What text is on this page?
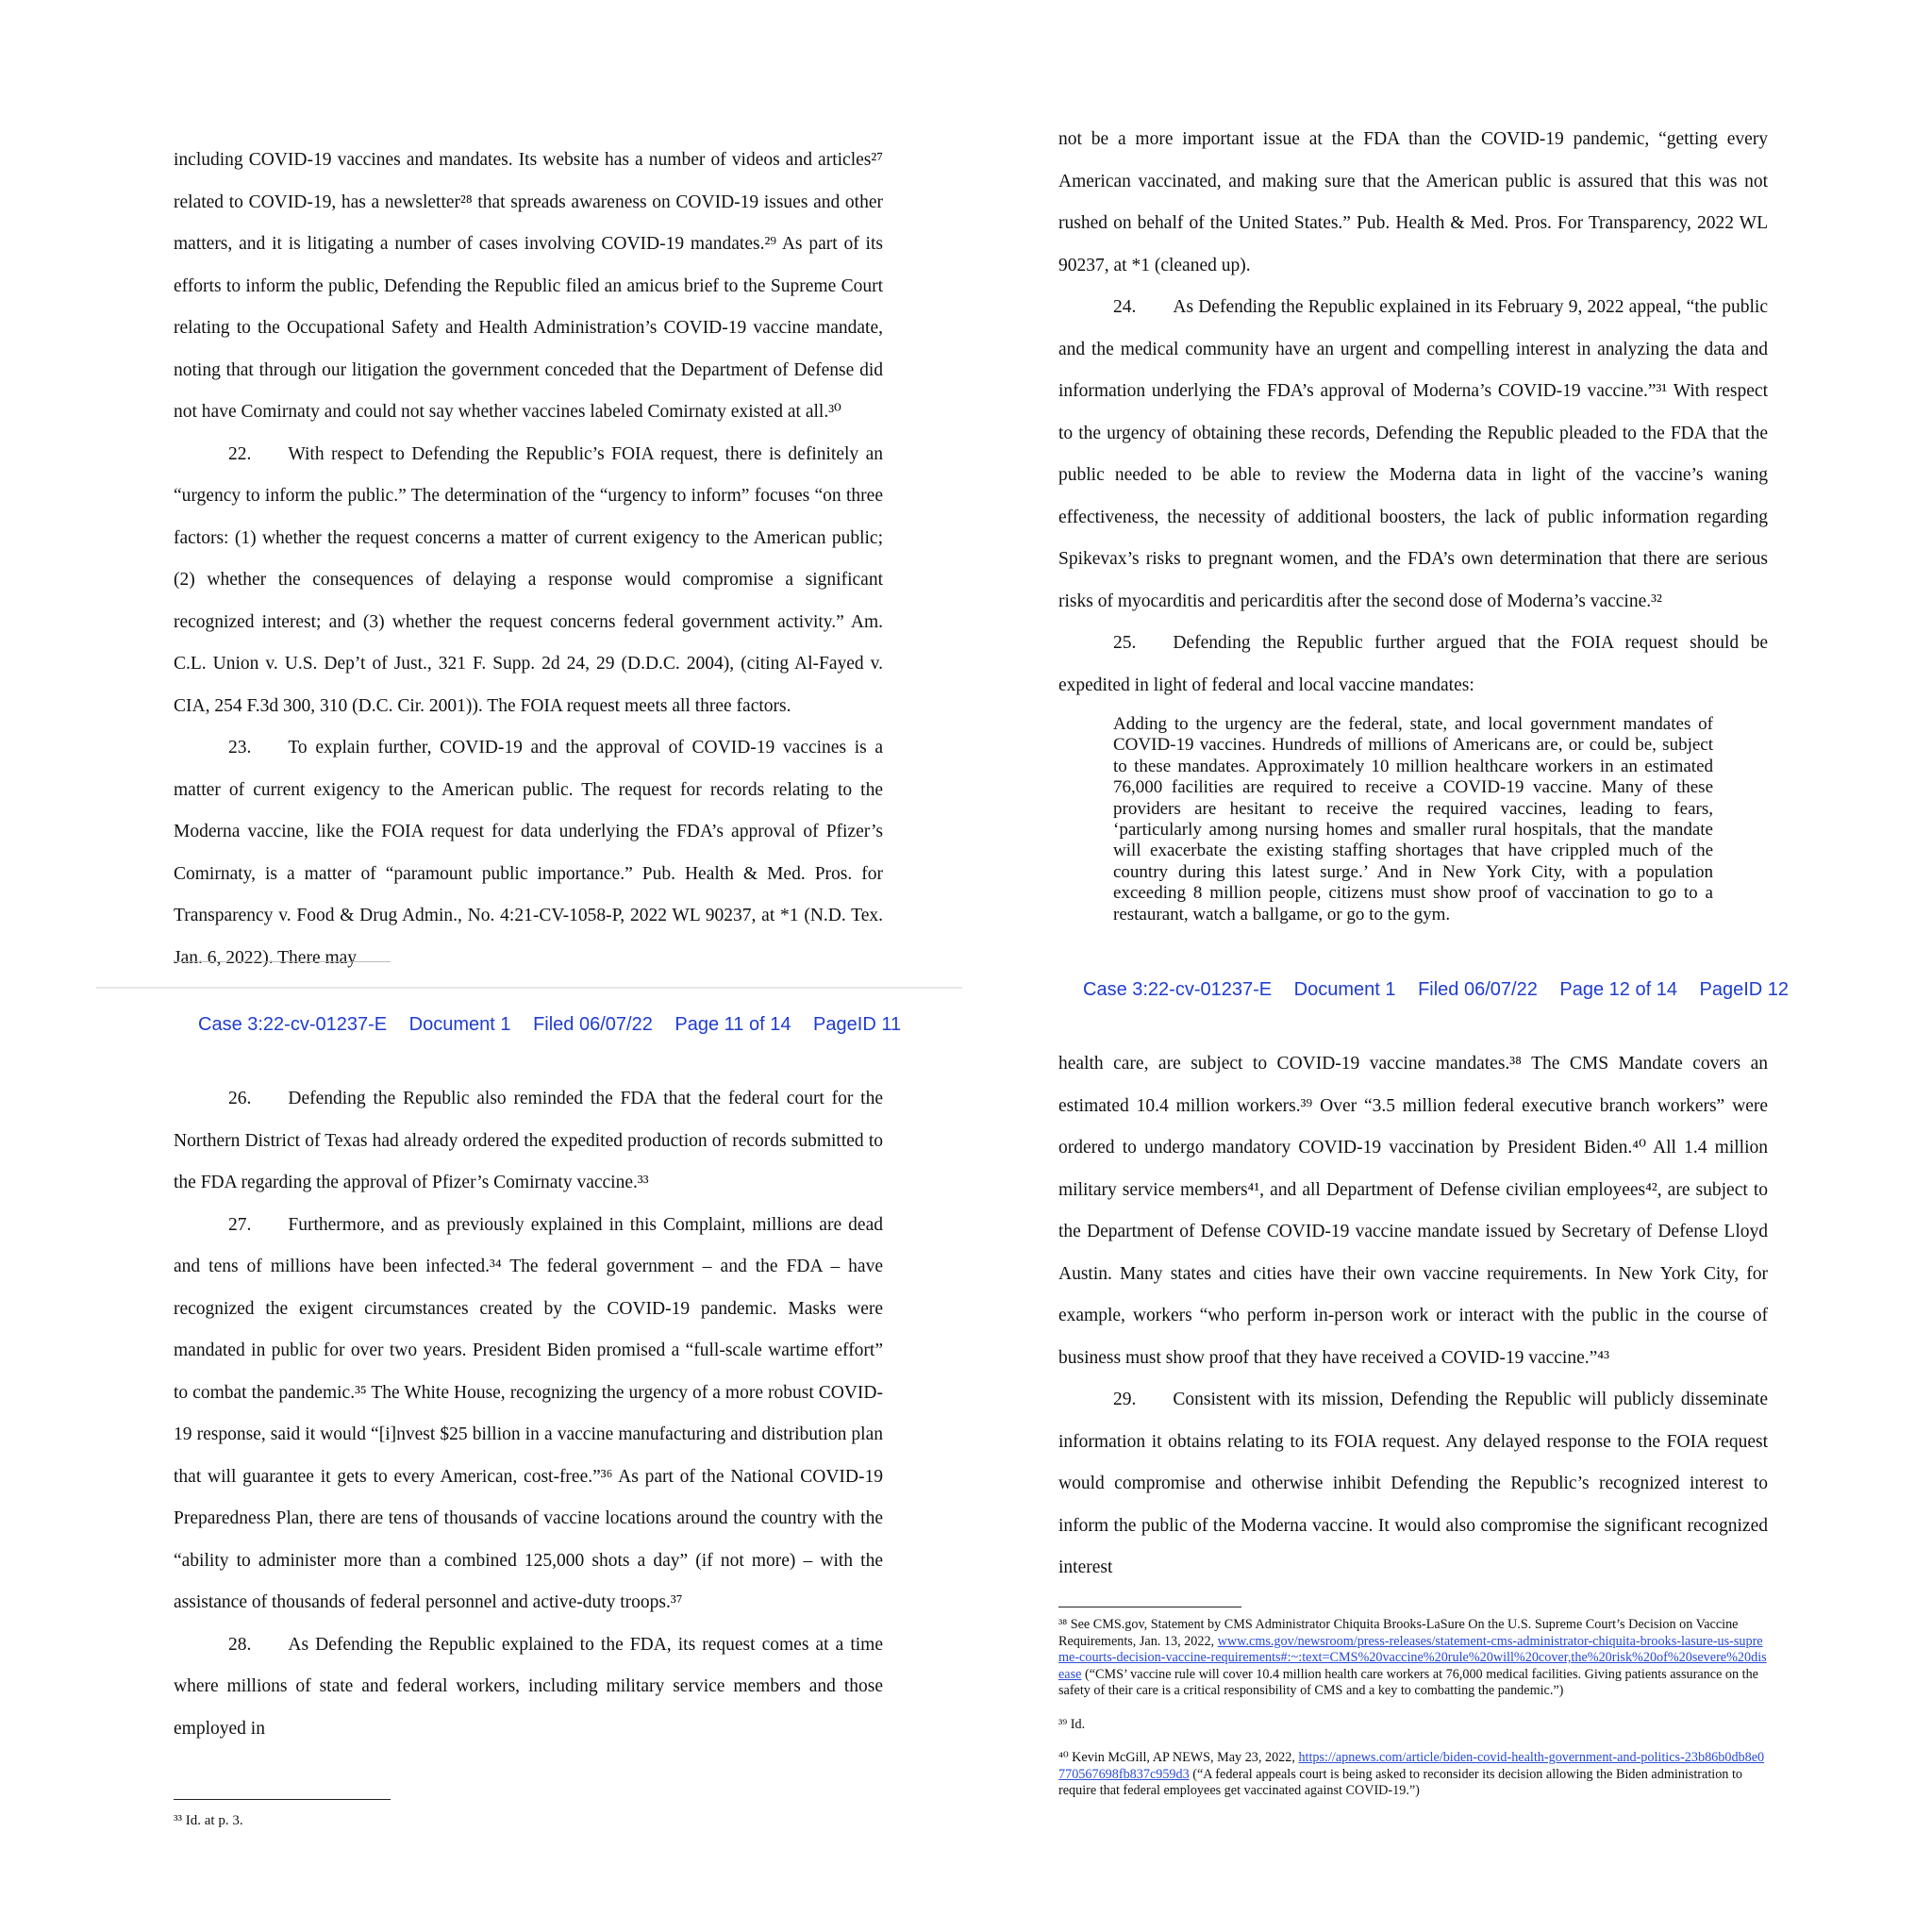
including COVID-19 vaccines and mandates. Its website has a number of videos and articles²⁷ related to COVID-19, has a newsletter²⁸ that spreads awareness on COVID-19 issues and other matters, and it is litigating a number of cases involving COVID-19 mandates.²⁹ As part of its efforts to inform the public, Defending the Republic filed an amicus brief to the Supreme Court relating to the Occupational Safety and Health Administration’s COVID-19 vaccine mandate, noting that through our litigation the government conceded that the Department of Defense did not have Comirnaty and could not say whether vaccines labeled Comirnaty existed at all.³⁰

22.  With respect to Defending the Republic’s FOIA request, there is definitely an “urgency to inform the public.” The determination of the “urgency to inform” focuses “on three factors: (1) whether the request concerns a matter of current exigency to the American public; (2) whether the consequences of delaying a response would compromise a significant recognized interest; and (3) whether the request concerns federal government activity.” Am. C.L. Union v. U.S. Dep’t of Just., 321 F. Supp. 2d 24, 29 (D.D.C. 2004), (citing Al-Fayed v. CIA, 254 F.3d 300, 310 (D.C. Cir. 2001)). The FOIA request meets all three factors.

23.  To explain further, COVID-19 and the approval of COVID-19 vaccines is a matter of current exigency to the American public. The request for records relating to the Moderna vaccine, like the FOIA request for data underlying the FDA’s approval of Pfizer’s Comirnaty, is a matter of “paramount public importance.” Pub. Health & Med. Pros. for Transparency v. Food & Drug Admin., No. 4:21-CV-1058-P, 2022 WL 90237, at *1 (N.D. Tex. Jan. 6, 2022). There may

not be a more important issue at the FDA than the COVID-19 pandemic, “getting every American vaccinated, and making sure that the American public is assured that this was not rushed on behalf of the United States.” Pub. Health & Med. Pros. For Transparency, 2022 WL 90237, at *1 (cleaned up).

24.  As Defending the Republic explained in its February 9, 2022 appeal, “the public and the medical community have an urgent and compelling interest in analyzing the data and information underlying the FDA’s approval of Moderna’s COVID-19 vaccine.”³¹ With respect to the urgency of obtaining these records, Defending the Republic pleaded to the FDA that the public needed to be able to review the Moderna data in light of the vaccine’s waning effectiveness, the necessity of additional boosters, the lack of public information regarding Spikevax’s risks to pregnant women, and the FDA’s own determination that there are serious risks of myocarditis and pericarditis after the second dose of Moderna’s vaccine.³²

25.  Defending the Republic further argued that the FOIA request should be expedited in light of federal and local vaccine mandates:

Adding to the urgency are the federal, state, and local government mandates of COVID-19 vaccines. Hundreds of millions of Americans are, or could be, subject to these mandates. Approximately 10 million healthcare workers in an estimated 76,000 facilities are required to receive a COVID-19 vaccine. Many of these providers are hesitant to receive the required vaccines, leading to fears, ‘particularly among nursing homes and smaller rural hospitals, that the mandate will exacerbate the existing staffing shortages that have crippled much of the country during this latest surge.’ And in New York City, with a population exceeding 8 million people, citizens must show proof of vaccination to go to a restaurant, watch a ballgame, or go to the gym.

Case 3:22-cv-01237-E Document 1 Filed 06/07/22 Page 11 of 14 PageID 11
Case 3:22-cv-01237-E Document 1 Filed 06/07/22 Page 12 of 14 PageID 12

26.  Defending the Republic also reminded the FDA that the federal court for the Northern District of Texas had already ordered the expedited production of records submitted to the FDA regarding the approval of Pfizer’s Comirnaty vaccine.³³

27.  Furthermore, and as previously explained in this Complaint, millions are dead and tens of millions have been infected.³⁴ The federal government – and the FDA – have recognized the exigent circumstances created by the COVID-19 pandemic. Masks were mandated in public for over two years. President Biden promised a “full-scale wartime effort” to combat the pandemic.³⁵ The White House, recognizing the urgency of a more robust COVID-19 response, said it would “[i]nvest $25 billion in a vaccine manufacturing and distribution plan that will guarantee it gets to every American, cost-free.”³⁶ As part of the National COVID-19 Preparedness Plan, there are tens of thousands of vaccine locations around the country with the “ability to administer more than a combined 125,000 shots a day” (if not more) – with the assistance of thousands of federal personnel and active-duty troops.³⁷

28.  As Defending the Republic explained to the FDA, its request comes at a time where millions of state and federal workers, including military service members and those employed in

³³ Id. at p. 3.

health care, are subject to COVID-19 vaccine mandates.³⁸ The CMS Mandate covers an estimated 10.4 million workers.³⁹ Over “3.5 million federal executive branch workers” were ordered to undergo mandatory COVID-19 vaccination by President Biden.⁴⁰ All 1.4 million military service members⁴¹, and all Department of Defense civilian employees⁴², are subject to the Department of Defense COVID-19 vaccine mandate issued by Secretary of Defense Lloyd Austin. Many states and cities have their own vaccine requirements. In New York City, for example, workers “who perform in-person work or interact with the public in the course of business must show proof that they have received a COVID-19 vaccine.”⁴³

29.  Consistent with its mission, Defending the Republic will publicly disseminate information it obtains relating to its FOIA request. Any delayed response to the FOIA request would compromise and otherwise inhibit Defending the Republic’s recognized interest to inform the public of the Moderna vaccine. It would also compromise the significant recognized interest

³⁸ See CMS.gov, Statement by CMS Administrator Chiquita Brooks-LaSure On the U.S. Supreme Court’s Decision on Vaccine Requirements, Jan. 13, 2022, www.cms.gov/newsroom/press-releases/statement-cms-administrator-chiquita-brooks-lasure-us-supreme-courts-decision-vaccine-requirements#:~:text=CMS%20vaccine%20rule%20will%20cover,the%20risk%20of%20severe%20disease (“CMS’ vaccine rule will cover 10.4 million health care workers at 76,000 medical facilities. Giving patients assurance on the safety of their care is a critical responsibility of CMS and a key to combatting the pandemic.”)

³⁹ Id.

⁴⁰ Kevin McGill, AP NEWS, May 23, 2022, https://apnews.com/article/biden-covid-health-government-and-politics-23b86b0db8e0770567698fb837c959d3 (“A federal appeals court is being asked to reconsider its decision allowing the Biden administration to require that federal employees get vaccinated against COVID-19.”)
